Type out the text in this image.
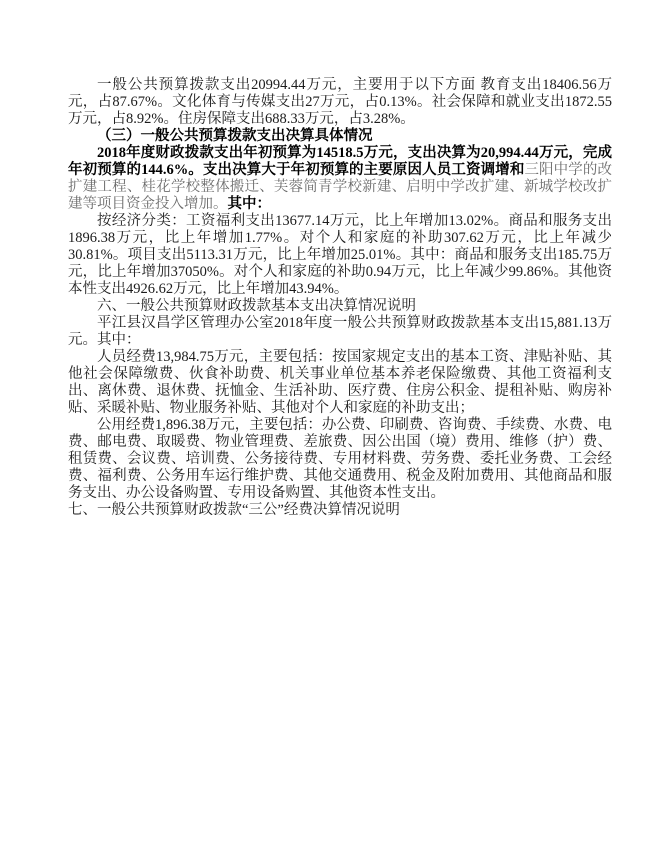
一般公共预算拨款支出20994.44万元，主要用于以下方面 教育支出18406.56万元，占87.67%。文化体育与传媒支出27万元，占0.13%。社会保障和就业支出1872.55万元，占8.92%。住房保障支出688.33万元，占3.28%。

（三）一般公共预算拨款支出决算具体情况

2018年度财政拨款支出年初预算为14518.5万元，支出决算为20,994.44万元，完成年初预算的144.6%。支出决算大于年初预算的主要原因人员工资调增和三阳中学的改扩建工程、桂花学校整体搬迁、芙蓉简青学校新建、启明中学改扩建、新城学校改扩建等项目资金投入增加。其中：

按经济分类：工资福利支出13677.14万元，比上年增加13.02%。商品和服务支出1896.38万元，比上年增加1.77%。对个人和家庭的补助307.62万元，比上年减少30.81%。项目支出5113.31万元，比上年增加25.01%。其中：商品和服务支出185.75万元，比上年增加37050%。对个人和家庭的补助0.94万元，比上年减少99.86%。其他资本性支出4926.62万元，比上年增加43.94%。

六、一般公共预算财政拨款基本支出决算情况说明

平江县汉昌学区管理办公室2018年度一般公共预算财政拨款基本支出15,881.13万元。其中：

人员经费13,984.75万元，主要包括：按国家规定支出的基本工资、津贴补贴、其他社会保障缴费、伙食补助费、机关事业单位基本养老保险缴费、其他工资福利支出、离休费、退休费、抚恤金、生活补助、医疗费、住房公积金、提租补贴、购房补贴、采暖补贴、物业服务补贴、其他对个人和家庭的补助支出；

公用经费1,896.38万元，主要包括：办公费、印刷费、咨询费、手续费、水费、电费、邮电费、取暖费、物业管理费、差旅费、因公出国（境）费用、维修（护）费、租赁费、会议费、培训费、公务接待费、专用材料费、劳务费、委托业务费、工会经费、福利费、公务用车运行维护费、其他交通费用、税金及附加费用、其他商品和服务支出、办公设备购置、专用设备购置、其他资本性支出。

七、一般公共预算财政拨款“三公”经费决算情况说明
